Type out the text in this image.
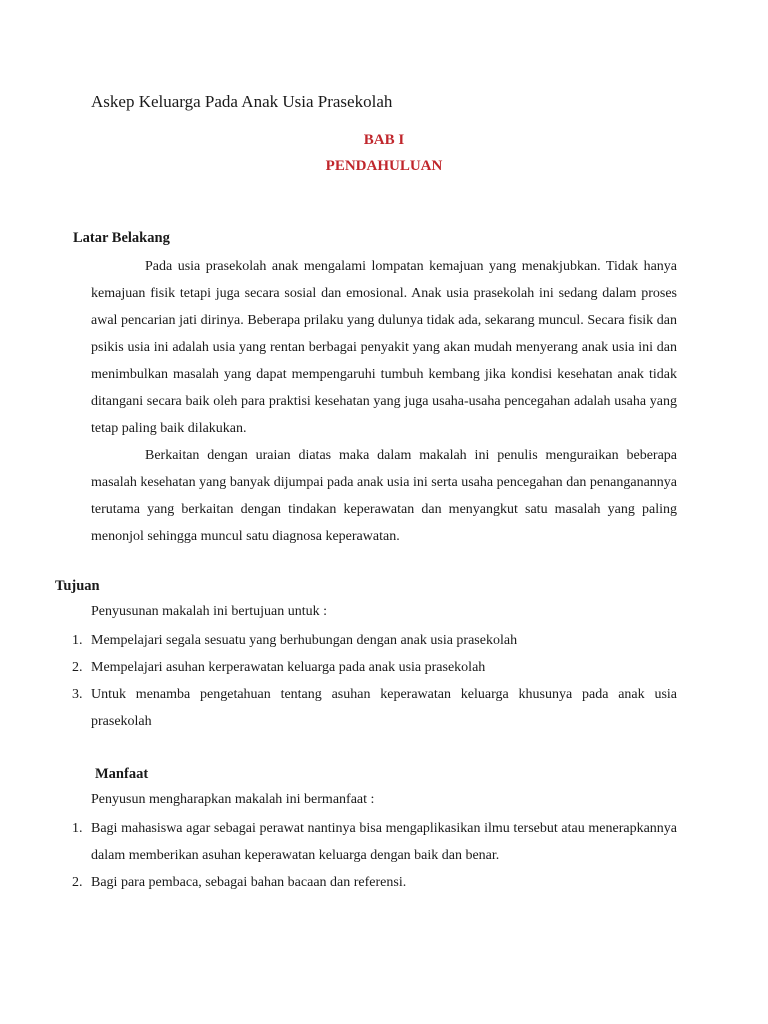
Askep Keluarga Pada Anak Usia Prasekolah
BAB I
PENDAHULUAN
Latar Belakang
Pada usia prasekolah anak mengalami lompatan kemajuan yang menakjubkan. Tidak hanya kemajuan fisik tetapi juga secara sosial dan emosional. Anak usia prasekolah ini sedang dalam proses awal pencarian jati dirinya. Beberapa prilaku yang dulunya tidak ada, sekarang muncul. Secara fisik dan psikis usia ini adalah usia yang rentan berbagai penyakit yang akan mudah menyerang anak usia ini dan menimbulkan masalah yang dapat mempengaruhi tumbuh kembang jika kondisi kesehatan anak tidak ditangani secara baik oleh para praktisi kesehatan yang juga usaha-usaha pencegahan adalah usaha yang tetap paling baik dilakukan.
Berkaitan dengan uraian diatas maka dalam makalah ini penulis menguraikan beberapa masalah kesehatan yang banyak dijumpai pada anak usia ini serta usaha pencegahan dan penanganannya terutama yang berkaitan dengan tindakan keperawatan dan menyangkut satu masalah yang paling menonjol sehingga muncul satu diagnosa keperawatan.
Tujuan
Penyusunan makalah ini bertujuan untuk :
1. Mempelajari segala sesuatu yang berhubungan dengan anak usia prasekolah
2. Mempelajari asuhan kerperawatan keluarga pada anak usia prasekolah
3. Untuk menamba pengetahuan tentang asuhan keperawatan keluarga khusunya pada anak usia prasekolah
Manfaat
Penyusun mengharapkan makalah ini bermanfaat :
1. Bagi mahasiswa agar sebagai perawat nantinya bisa mengaplikasikan ilmu tersebut atau menerapkannya dalam memberikan asuhan keperawatan keluarga dengan baik dan benar.
2. Bagi para pembaca, sebagai bahan bacaan dan referensi.
